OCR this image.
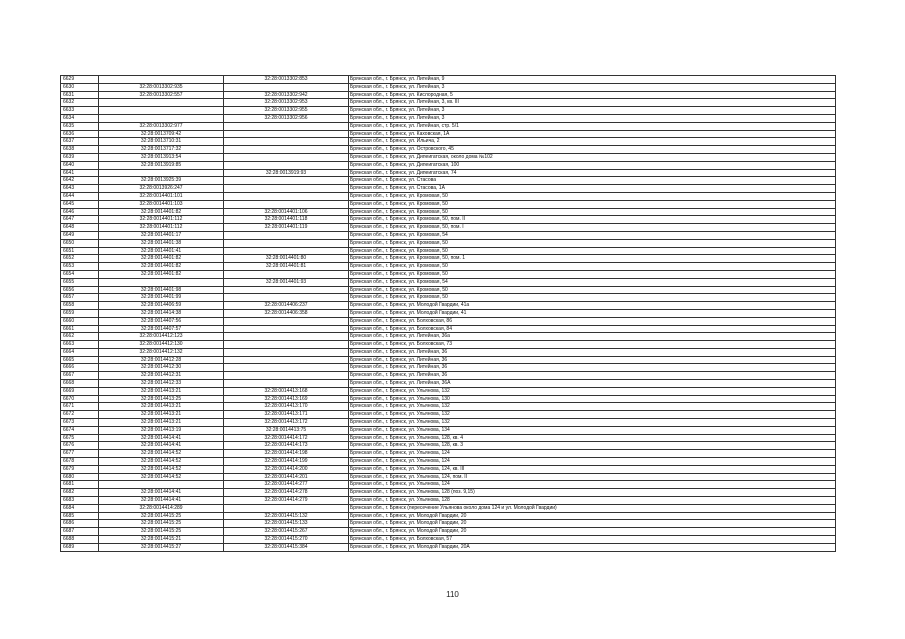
6629		32:28:0013302:853	Брянская обл., г. Брянск, ул. Литейная, 9
6630	32:28:0013302:935		Брянская обл., г. Брянск, ул. Литейная, 3
6631	32:28:0013302:557	32:28:0013302:942	Брянская обл., г. Брянск, ул. Кислородная, 5
6632		32:28:0013302:953	Брянская обл., г. Брянск, ул. Литейная, 3, кв. III
6633		32:28:0013302:955	Брянская обл., г. Брянск, ул. Литейная, 3
6634		32:28:0013302:956	Брянская обл., г. Брянск, ул. Литейная, 3
6635	32:28:0013302:977		Брянская обл., г. Брянск, ул. Литейная, стр. 5/1
6636	32:28:0013709:42		Брянская обл., г. Брянск, ул. Каховская, 1А
6637	32:28:0013710:31		Брянская обл., г. Брянск, ул. Ильича, 2
6638	32:28:0013717:32		Брянская обл., г. Брянск, ул. Островского, 45
6639	32:28:0013913:54		Брянская обл., г. Брянск, ул. Дипеигатская, около дома №102
6640	32:28:0013919:85		Брянская обл., г. Брянск, ул. Дипеигатская, 100
6641		32:28:0013919:93	Брянская обл., г. Брянск, ул. Дипеигатская, 74
6642	32:28:0013925:39		Брянская обл., г. Брянск, ул. Стасова
6643	32:28:0013926:247		Брянская обл., г. Брянск, ул. Стасова, 1А
6644	32:28:0014401:101		Брянская обл., г. Брянск, ул. Кромовая, 50
6645	32:28:0014401:103		Брянская обл., г. Брянск, ул. Кромовая, 50
6646	32:28:0014401:82	32:28:0014401:106	Брянская обл., г. Брянск, ул. Кромовая, 50
6647	32:28:0014401:112	32:28:0014401:118	Брянская обл., г. Брянск, ул. Кромовая, 50, пом. II
6648	32:28:0014401:112	32:28:0014401:119	Брянская обл., г. Брянск, ул. Кромовая, 50, пом. I
6649	32:28:0014401:17		Брянская обл., г. Брянск, ул. Кромовая, 54
6650	32:28:0014401:38		Брянская обл., г. Брянск, ул. Кромовая, 50
6651	32:28:0014401:41		Брянская обл., г. Брянск, ул. Кромовая, 50
6652	32:28:0014401:82	32:28:0014401:80	Брянская обл., г. Брянск, ул. Кромовая, 50, пом. 1
6653	32:28:0014401:82	32:28:0014401:81	Брянская обл., г. Брянск, ул. Кромовая, 50
6654	32:28:0014401:82		Брянская обл., г. Брянск, ул. Кромовая, 50
6655		32:28:0014401:93	Брянская обл., г. Брянск, ул. Кромовая, 54
6656	32:28:0014401:98		Брянская обл., г. Брянск, ул. Кромовая, 50
6657	32:28:0014401:99		Брянская обл., г. Брянск, ул. Кромовая, 50
6658	32:28:0014406:59	32:28:0014406:237	Брянская обл., г. Брянск, ул. Молодой Гвардии, 41а
6659	32:28:0014414:38	32:28:0014406:358	Брянская обл., г. Брянск, ул. Молодой Гвардии, 41
6660	32:28:0014407:56		Брянская обл., г. Брянск, ул. Болховская, 86
6661	32:28:0014407:57		Брянская обл., г. Брянск, ул. Болховская, 84
6662	32:28:0014412:123		Брянская обл., г. Брянск, ул. Литейная, 36а
6663	32:28:0014412:130		Брянская обл., г. Брянск, ул. Болховская, 73
6664	32:28:0014412:132		Брянская обл., г. Брянск, ул. Литейная, 36
6665	32:28:0014412:28		Брянская обл., г. Брянск, ул. Литейная, 36
6666	32:28:0014412:30		Брянская обл., г. Брянск, ул. Литейная, 36
6667	32:28:0014412:31		Брянская обл., г. Брянск, ул. Литейная, 36
6668	32:28:0014412:33		Брянская обл., г. Брянск, ул. Литейная, 36А
6669	32:28:0014413:21	32:28:0014413:168	Брянская обл., г. Брянск, ул. Ульянова, 132
6670	32:28:0014413:25	32:28:0014413:169	Брянская обл., г. Брянск, ул. Ульянова, 130
6671	32:28:0014413:21	32:28:0014413:170	Брянская обл., г. Брянск, ул. Ульянова, 132
6672	32:28:0014413:21	32:28:0014413:171	Брянская обл., г. Брянск, ул. Ульянова, 132
6673	32:28:0014413:21	32:28:0014413:172	Брянская обл., г. Брянск, ул. Ульянова, 132
6674	32:28:0014413:19	32:28:0014413:75	Брянская обл., г. Брянск, ул. Ульянова, 134
6675	32:28:0014414:41	32:28:0014414:172	Брянская обл., г. Брянск, ул. Ульянова, 128, кв. 4
6676	32:28:0014414:41	32:28:0014414:173	Брянская обл., г. Брянск, ул. Ульянова, 128, кв. 3
6677	32:28:0014414:52	32:28:0014414:198	Брянская обл., г. Брянск, ул. Ульянова, 124
6678	32:28:0014414:52	32:28:0014414:199	Брянская обл., г. Брянск, ул. Ульянова, 124
6679	32:28:0014414:52	32:28:0014414:200	Брянская обл., г. Брянск, ул. Ульянова, 124, кв. III
6680	32:28:0014414:52	32:28:0014414:201	Брянская обл., г. Брянск, ул. Ульянова, 124, пом. II
6681		32:28:0014414:277	Брянская обл., г. Брянск, ул. Ульянова, 124
6682	32:28:0014414:41	32:28:0014414:278	Брянская обл., г. Брянск, ул. Ульянова, 128 (поз. 9,15)
6683	32:28:0014414:41	32:28:0014414:279	Брянская обл., г. Брянск, ул. Ульянова, 128
6684	32:28:0014414:289		Брянская обл., г. Брянск (пересечение Ульянова около дома 124 и ул. Молодой Гвардии)
6685	32:28:0014415:25	32:28:0014415:132	Брянская обл., г. Брянск, ул. Молодой Гвардии, 20
6686	32:28:0014415:25	32:28:0014415:133	Брянская обл., г. Брянск, ул. Молодой Гвардии, 20
6687	32:28:0014415:25	32:28:0014415:267	Брянская обл., г. Брянск, ул. Молодой Гвардии, 20
6688	32:28:0014415:21	32:28:0014415:270	Брянская обл., г. Брянск, ул. Болховская, 57
6689	32:28:0014415:27	32:28:0014415:384	Брянская обл., г. Брянск, ул. Молодой Гвардии, 20А
110
